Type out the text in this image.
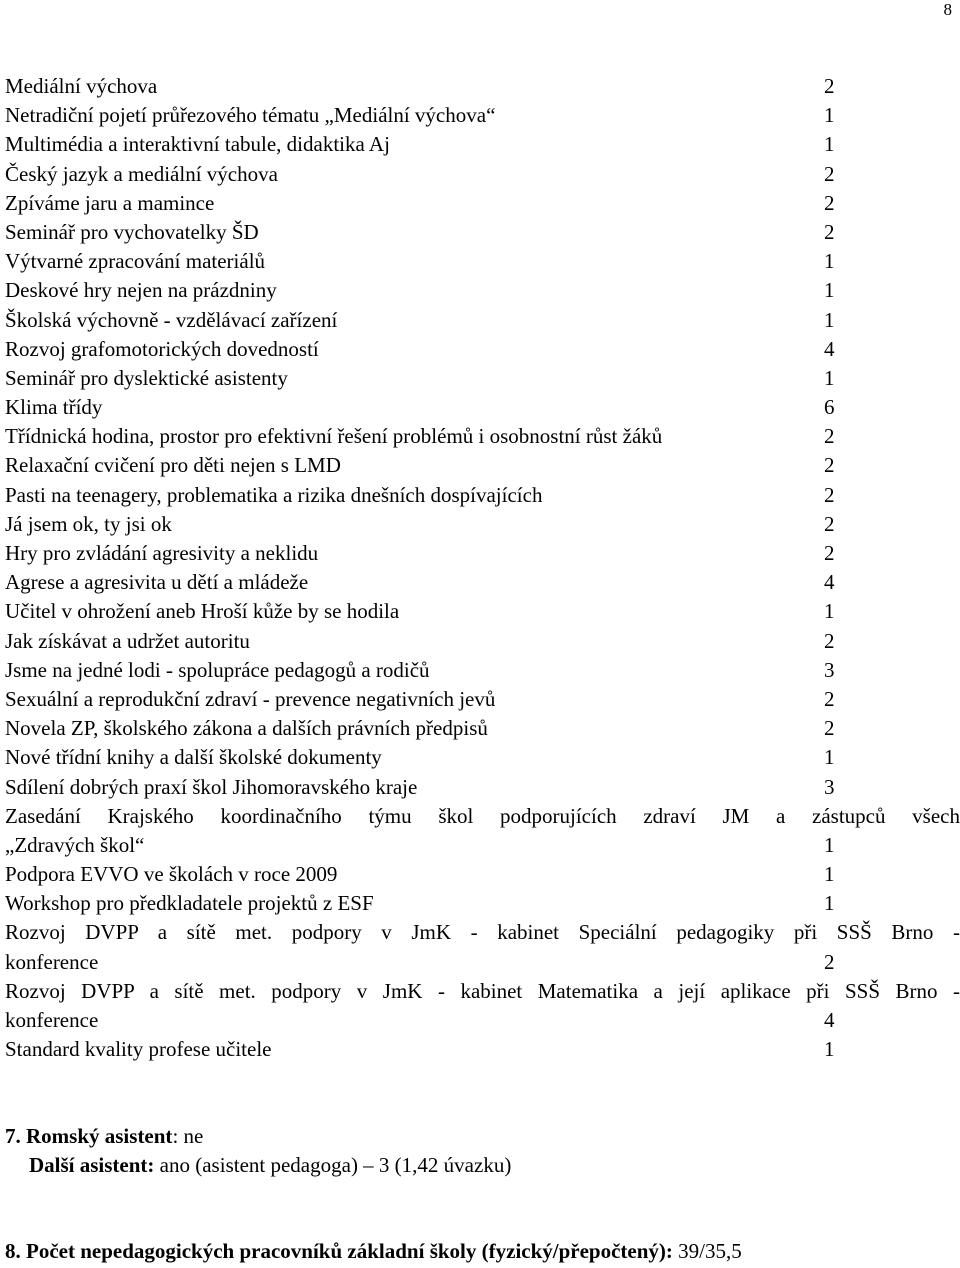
8
Mediální výchova	2
Netradiční pojetí průřezového tématu „Mediální výchova“	1
Multimédia a interaktivní tabule, didaktika Aj	1
Český jazyk a mediální výchova	2
Zpíváme jaru a mamince	2
Seminář pro vychovatelky ŠD	2
Výtvarné zpracování materiálů	1
Deskové hry nejen na prázdniny	1
Školská výchovně - vzdělávací zařízení	1
Rozvoj grafomotorických dovedností	4
Seminář pro dyslektické asistenty	1
Klima třídy	6
Třídnická hodina, prostor pro efektivní řešení problémů i osobnostní růst žáků	2
Relaxační cvičení pro děti nejen s LMD	2
Pasti na teenagery, problematika a rizika dnešních dospívajících	2
Já jsem ok, ty jsi ok	2
Hry pro zvládání agresivity a neklidu	2
Agrese a agresivita u dětí a mládeže	4
Učitel v ohrožení aneb Hroší kůže by se hodila	1
Jak získávat a udržet autoritu	2
Jsme na jedné lodi - spolupráce pedagogů a rodičů	3
Sexuální a reprodukční zdraví - prevence negativních jevů	2
Novela ZP, školského zákona a dalších právních předpisů	2
Nové třídní knihy a další školské dokumenty	1
Sdílení dobrých praxí škol Jihomoravského kraje	3
Zasedání Krajského koordinačního týmu škol podporujících zdraví JM a zástupců všech
„Zdravých škol“	1
Podpora EVVO ve školách v roce 2009	1
Workshop pro předkladatele projektů z ESF	1
Rozvoj DVPP a sítě met. podpory v JmK - kabinet Speciální pedagogiky při SSŠ Brno -
konference	2
Rozvoj DVPP a sítě met. podpory v JmK - kabinet Matematika a její aplikace při SSŠ Brno -
konference	4
Standard kvality profese učitele	1
7. Romský asistent: ne
Další asistent: ano (asistent pedagoga) – 3 (1,42 úvazku)
8. Počet nepedagogických pracovníků základní školy (fyzický/přepočtený): 39/35,5
